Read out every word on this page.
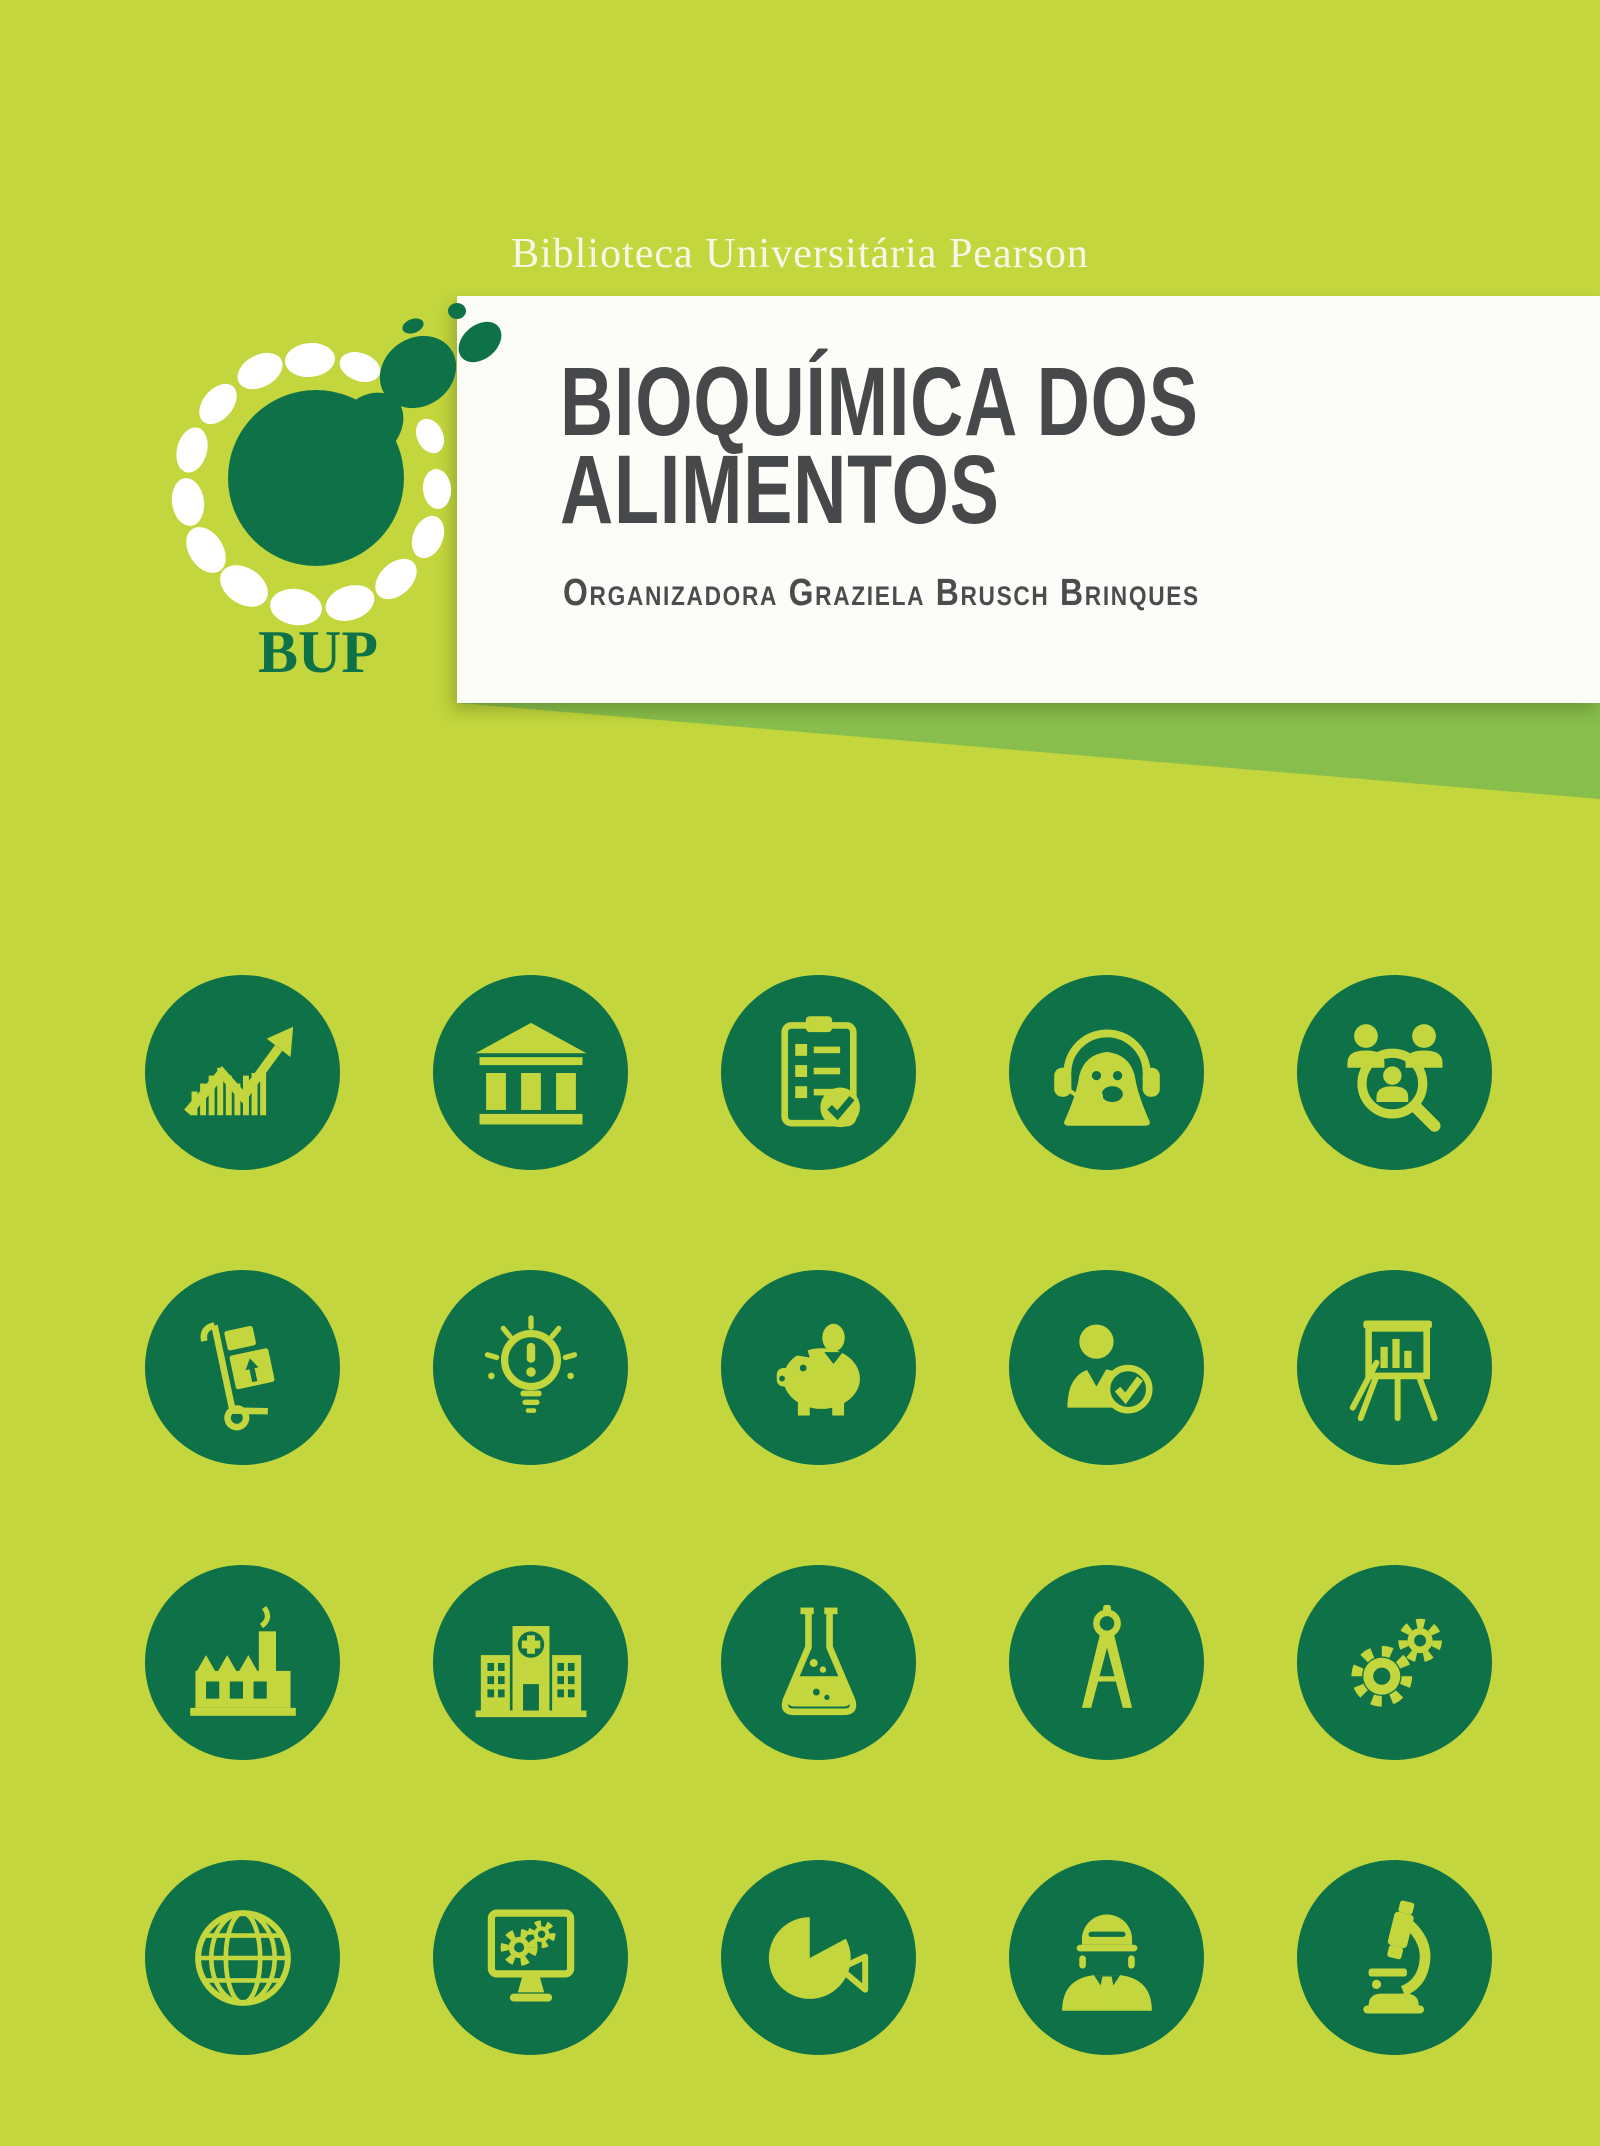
Biblioteca Universitária Pearson
BIOQUÍMICA DOS
ALIMENTOS
Organizadora Graziela Brusch Brinques
BUP
